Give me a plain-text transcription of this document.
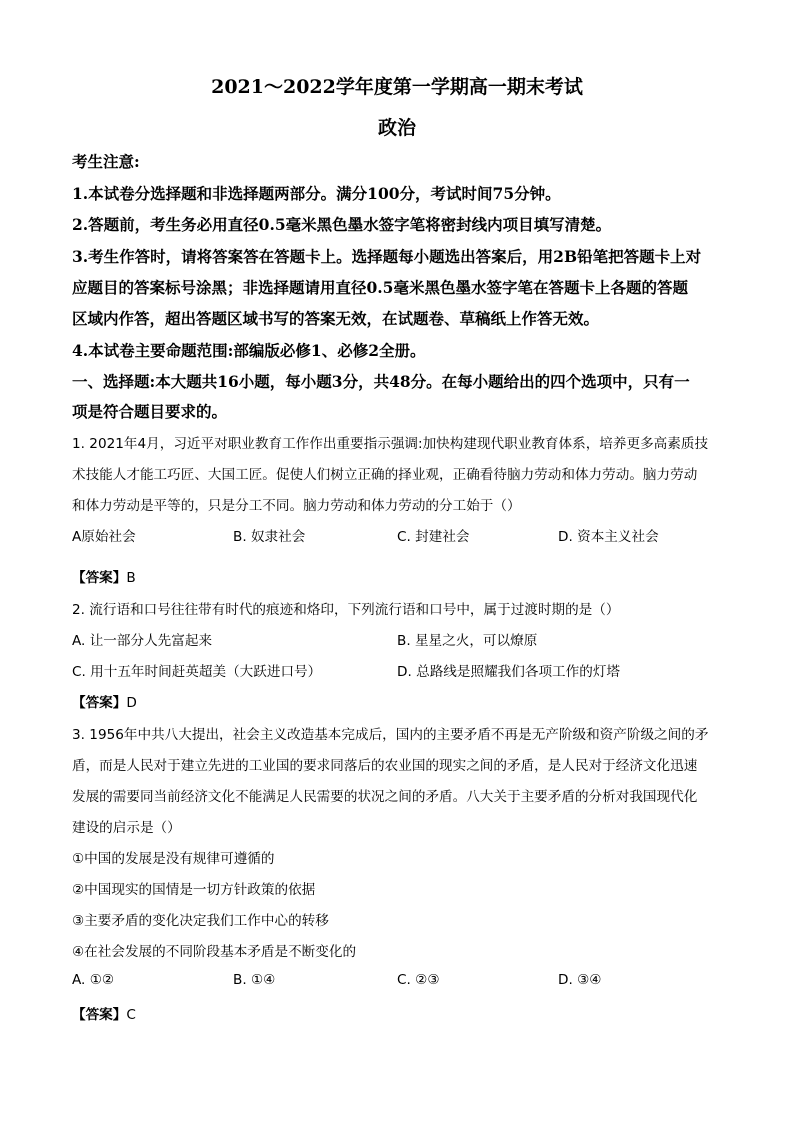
2021～2022学年度第一学期高一期末考试
政治
考生注意:
1.本试卷分选择题和非选择题两部分。满分100分，考试时间75分钟。
2.答题前，考生务必用直径0.5毫米黑色墨水签字笔将密封线内项目填写清楚。
3.考生作答时，请将答案答在答题卡上。选择题每小题选出答案后，用2B铅笔把答题卡上对
应题目的答案标号涂黑；非选择题请用直径0.5毫米黑色墨水签字笔在答题卡上各题的答题
区域内作答，超出答题区域书写的答案无效，在试题卷、草稿纸上作答无效。
4.本试卷主要命题范围:部编版必修1、必修2全册。
一、选择题:本大题共16小题，每小题3分，共48分。在每小题给出的四个选项中，只有一
项是符合题目要求的。
1. 2021年4月，习近平对职业教育工作作出重要指示强调:加快构建现代职业教育体系，培养更多高素质技
术技能人才能工巧匠、大国工匠。促使人们树立正确的择业观，正确看待脑力劳动和体力劳动。脑力劳动
和体力劳动是平等的，只是分工不同。脑力劳动和体力劳动的分工始于（）
A原始社会	B. 奴隶社会	C. 封建社会	D. 资本主义社会
【答案】B
2. 流行语和口号往往带有时代的痕迹和烙印，下列流行语和口号中，属于过渡时期的是（）
A. 让一部分人先富起来	B. 星星之火，可以燎原
C. 用十五年时间赶英超美（大跃进口号）	D. 总路线是照耀我们各项工作的灯塔
【答案】D
3. 1956年中共八大提出，社会主义改造基本完成后，国内的主要矛盾不再是无产阶级和资产阶级之间的矛
盾，而是人民对于建立先进的工业国的要求同落后的农业国的现实之间的矛盾，是人民对于经济文化迅速
发展的需要同当前经济文化不能满足人民需要的状况之间的矛盾。八大关于主要矛盾的分析对我国现代化
建设的启示是（）
①中国的发展是没有规律可遵循的
②中国现实的国情是一切方针政策的依据
③主要矛盾的变化决定我们工作中心的转移
④在社会发展的不同阶段基本矛盾是不断变化的
A. ①②	B. ①④	C. ②③	D. ③④
【答案】C
